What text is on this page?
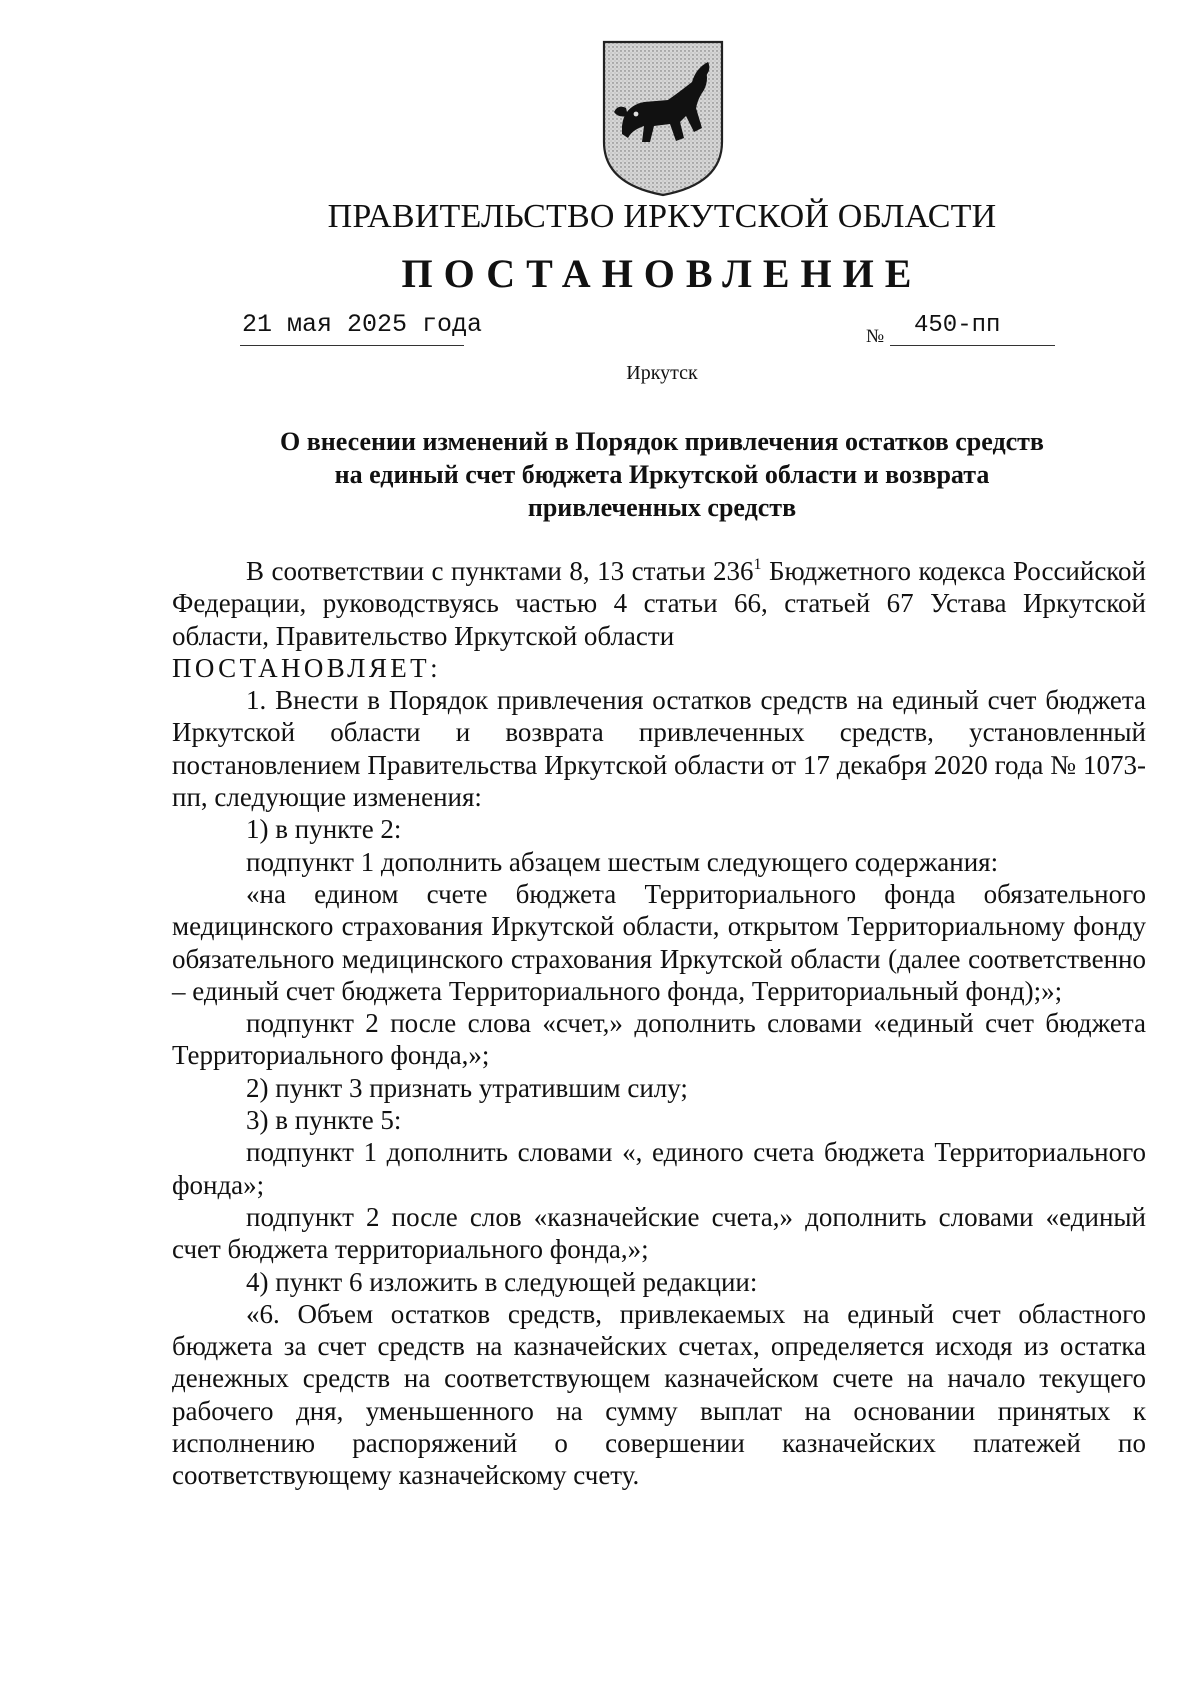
ПРАВИТЕЛЬСТВО ИРКУТСКОЙ ОБЛАСТИ
ПОСТАНОВЛЕНИЕ
21 мая 2025 года	№	450-пп
Иркутск
О внесении изменений в Порядок привлечения остатков средств
на единый счет бюджета Иркутской области и возврата
привлеченных средств

В соответствии с пунктами 8, 13 статьи $236^1$ Бюджетного кодекса Российской Федерации, руководствуясь частью 4 статьи 66, статьей 67 Устава Иркутской области, Правительство Иркутской области

ПОСТАНОВЛЯЕТ:

1. Внести в Порядок привлечения остатков средств на единый счет бюджета Иркутской области и возврата привлеченных средств, установленный постановлением Правительства Иркутской области от 17 декабря 2020 года № 1073-пп, следующие изменения:

1) в пункте 2:

подпункт 1 дополнить абзацем шестым следующего содержания:

«на едином счете бюджета Территориального фонда обязательного медицинского страхования Иркутской области, открытом Территориальному фонду обязательного медицинского страхования Иркутской области (далее соответственно – единый счет бюджета Территориального фонда, Территориальный фонд);»;

подпункт 2 после слова «счет,» дополнить словами «единый счет бюджета Территориального фонда,»;

2) пункт 3 признать утратившим силу;

3) в пункте 5:

подпункт 1 дополнить словами «, единого счета бюджета Территориального фонда»;

подпункт 2 после слов «казначейские счета,» дополнить словами «единый счет бюджета территориального фонда,»;

4) пункт 6 изложить в следующей редакции:

«6. Объем остатков средств, привлекаемых на единый счет областного бюджета за счет средств на казначейских счетах, определяется исходя из остатка денежных средств на соответствующем казначейском счете на начало текущего рабочего дня, уменьшенного на сумму выплат на основании принятых к исполнению распоряжений о совершении казначейских платежей по соответствующему казначейскому счету.
